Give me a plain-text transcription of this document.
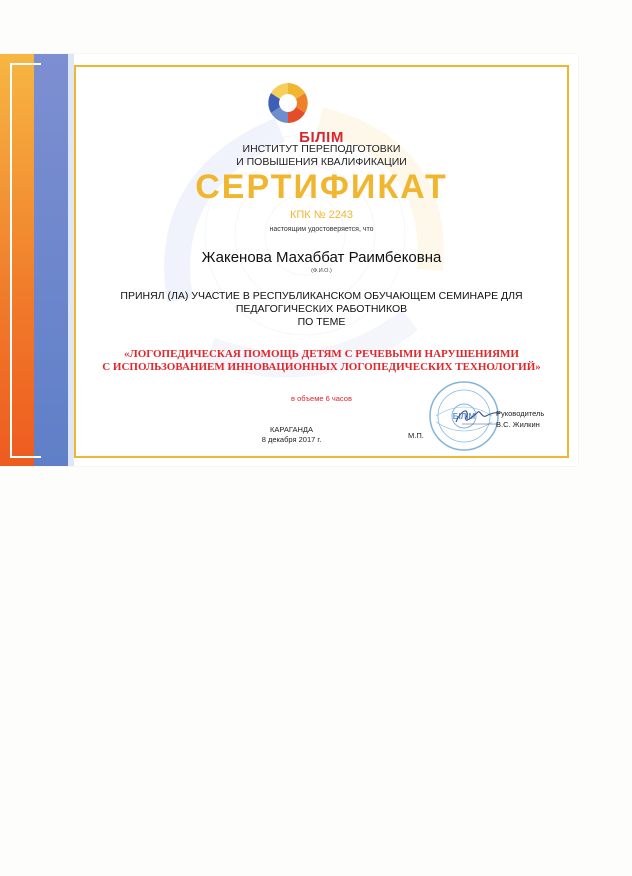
БІЛІМ
ИНСТИТУТ ПЕРЕПОДГОТОВКИ
И ПОВЫШЕНИЯ КВАЛИФИКАЦИИ
СЕРТИФИКАТ
КПК № 2243
настоящим удостоверяется, что
Жакенова Махаббат Раимбековна
(Ф.И.О.)
ПРИНЯЛ (ЛА) УЧАСТИЕ В РЕСПУБЛИКАНСКОМ ОБУЧАЮЩЕМ СЕМИНАРЕ ДЛЯ
ПЕДАГОГИЧЕСКИХ РАБОТНИКОВ
ПО ТЕМЕ
«ЛОГОПЕДИЧЕСКАЯ ПОМОЩЬ ДЕТЯМ С РЕЧЕВЫМИ НАРУШЕНИЯМИ
С ИСПОЛЬЗОВАНИЕМ ИННОВАЦИОННЫХ ЛОГОПЕДИЧЕСКИХ ТЕХНОЛОГИЙ»
в объеме 6 часов
КАРАГАНДА
8 декабря 2017 г.
БІЛІМ
М.П.
Руководитель
В.С. Жилкин
